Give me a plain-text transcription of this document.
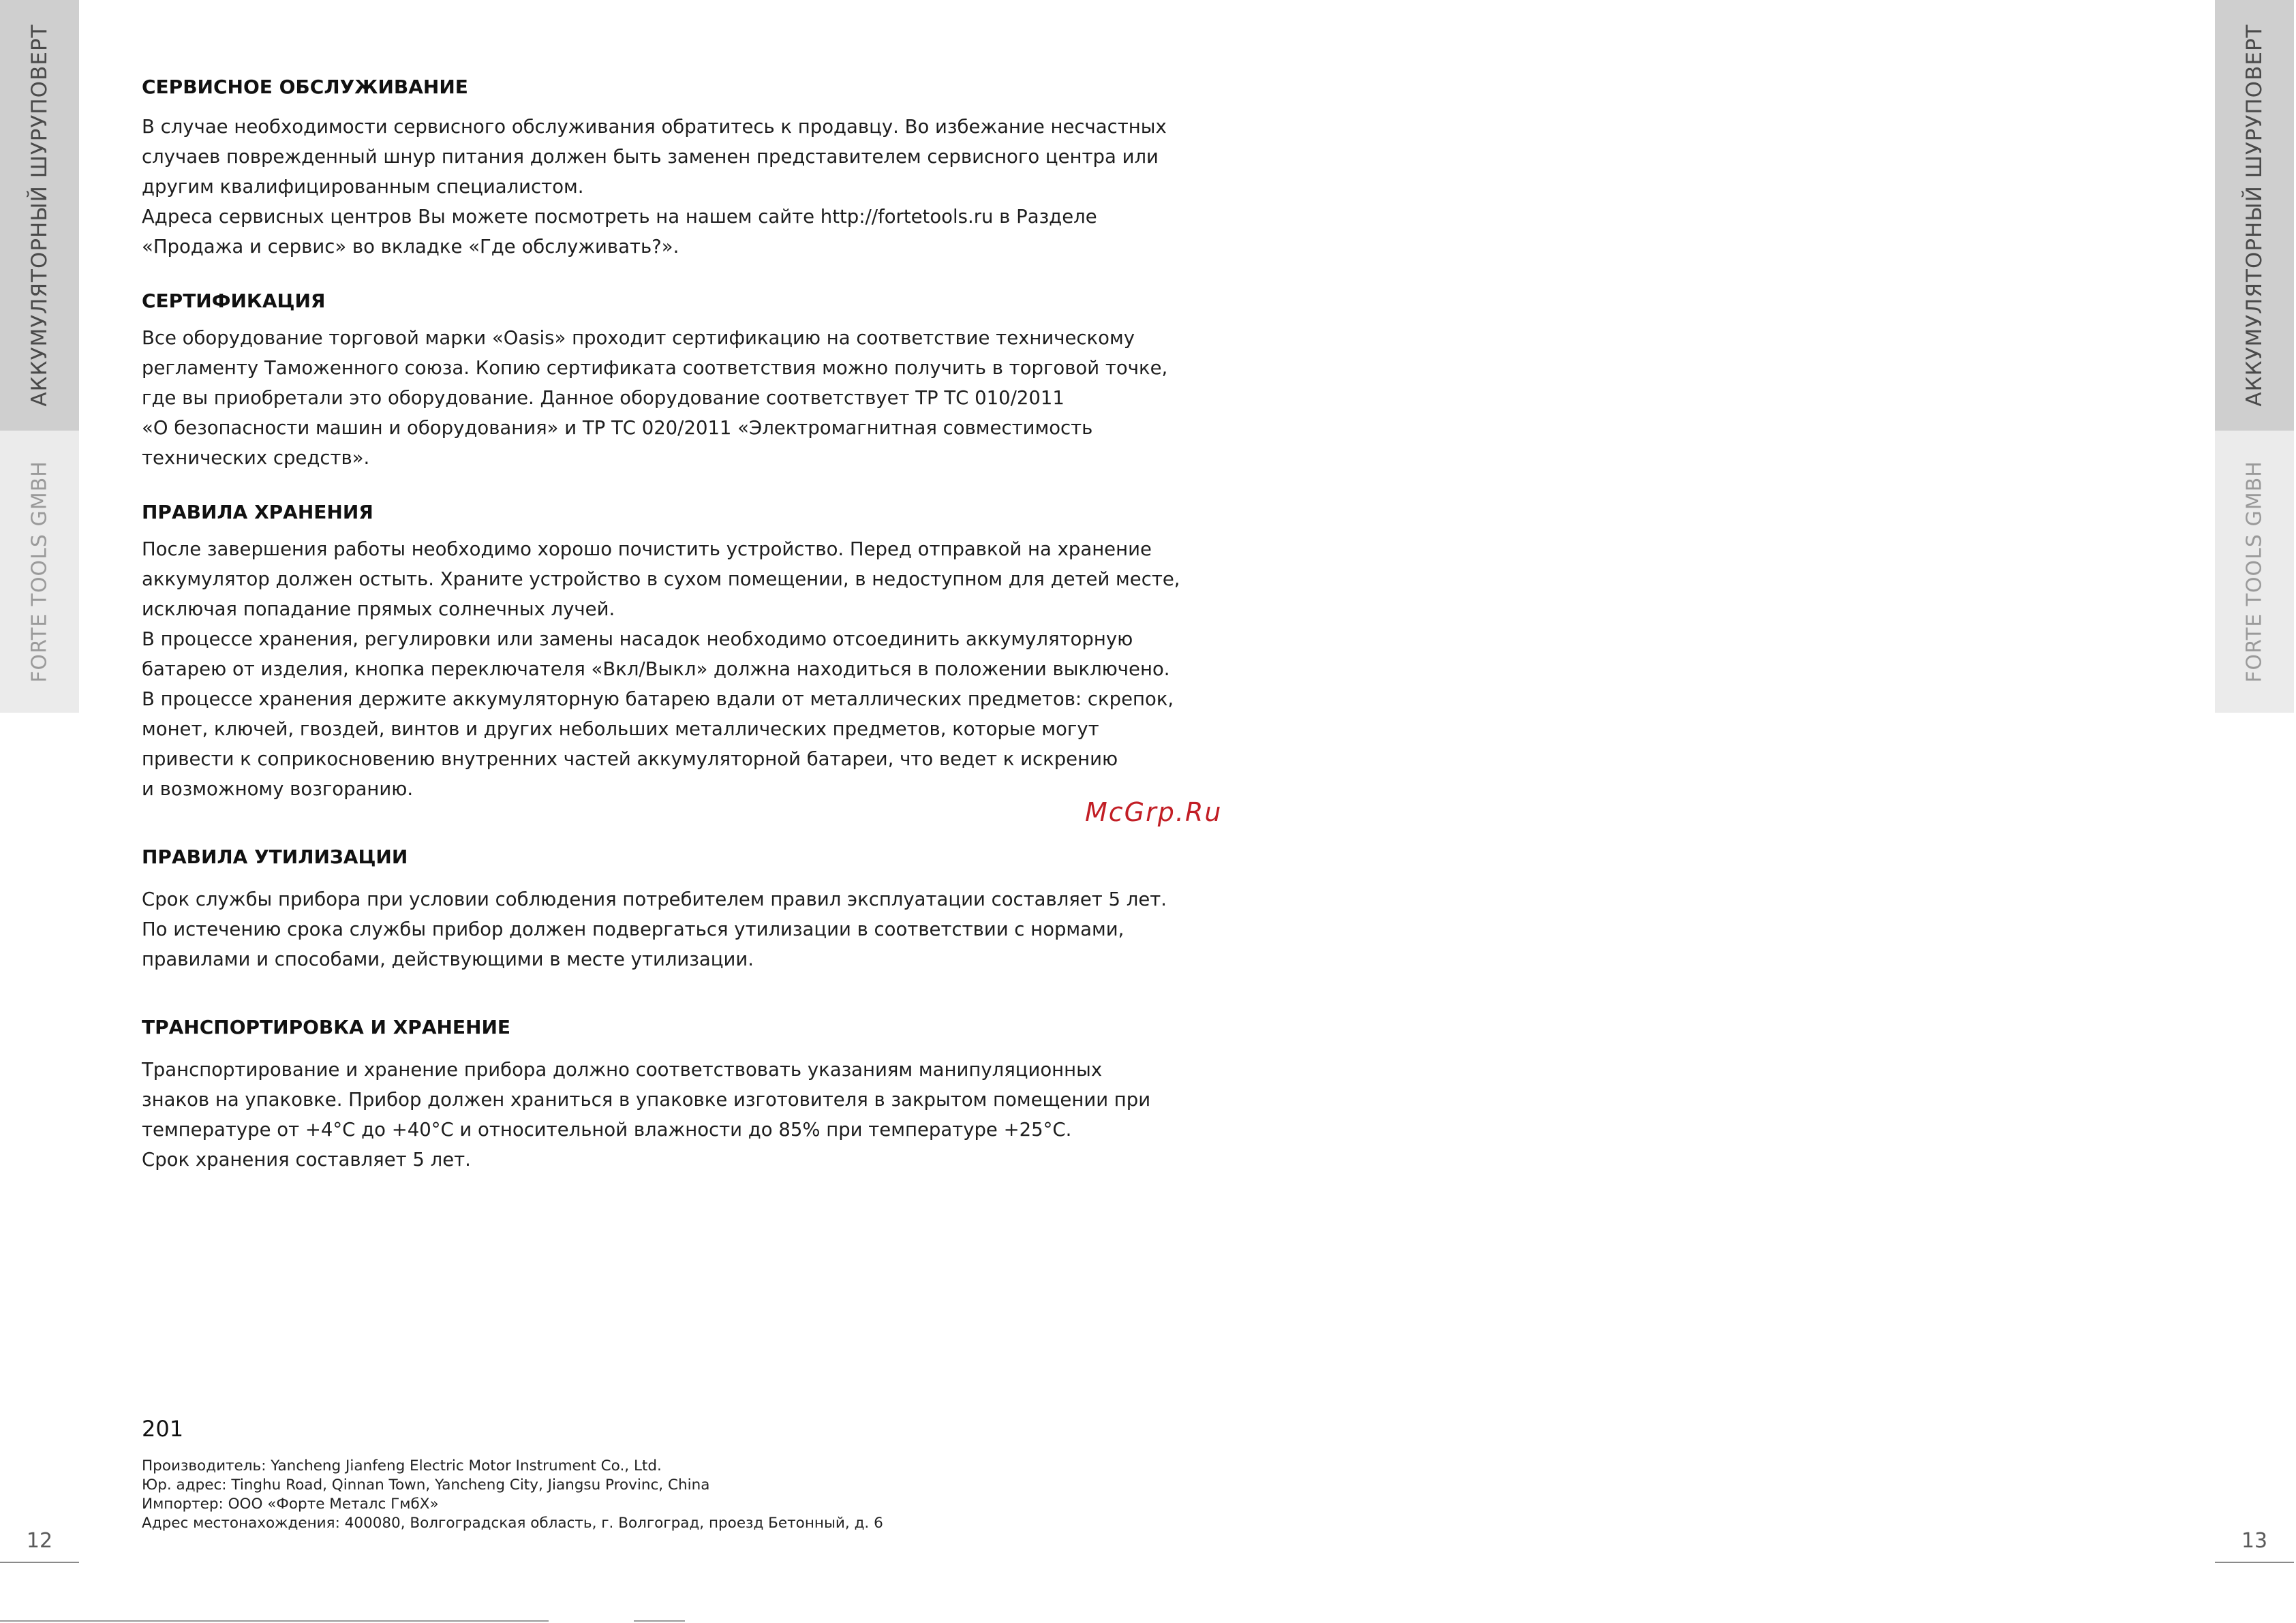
АККУМУЛЯТОРНЫЙ ШУРУПОВЕРТ
FORTE TOOLS GMBH
12
АККУМУЛЯТОРНЫЙ ШУРУПОВЕРТ
FORTE TOOLS GMBH
13
СЕРВИСНОЕ ОБСЛУЖИВАНИЕ

В случае необходимости сервисного обслуживания обратитесь к продавцу. Во избежание несчастных

случаев поврежденный шнур питания должен быть заменен представителем сервисного центра или

другим квалифицированным специалистом.

Адреса сервисных центров Вы можете посмотреть на нашем сайте http://fortetools.ru в Разделе

«Продажа и сервис» во вкладке «Где обслуживать?».

СЕРТИФИКАЦИЯ

Все оборудование торговой марки «Oasis» проходит сертификацию на соответствие техническому

регламенту Таможенного союза. Копию сертификата соответствия можно получить в торговой точке,

где вы приобретали это оборудование. Данное оборудование соответствует ТР ТС 010/2011

«О безопасности машин и оборудования» и ТР ТС 020/2011 «Электромагнитная совместимость

технических средств».

ПРАВИЛА ХРАНЕНИЯ

После завершения работы необходимо хорошо почистить устройство. Перед отправкой на хранение

аккумулятор должен остыть. Храните устройство в сухом помещении, в недоступном для детей месте,

исключая попадание прямых солнечных лучей.

В процессе хранения, регулировки или замены насадок необходимо отсоединить аккумуляторную

батарею от изделия, кнопка переключателя «Вкл/Выкл» должна находиться в положении выключено.

В процессе хранения держите аккумуляторную батарею вдали от металлических предметов: скрепок,

монет, ключей, гвоздей, винтов и других небольших металлических предметов, которые могут

привести к соприкосновению внутренних частей аккумуляторной батареи, что ведет к искрению

и возможному возгоранию.

ПРАВИЛА УТИЛИЗАЦИИ

Срок службы прибора при условии соблюдения потребителем правил эксплуатации составляет 5 лет.

По истечению срока службы прибор должен подвергаться утилизации в соответствии с нормами,

правилами и способами, действующими в месте утилизации.

ТРАНСПОРТИРОВКА И ХРАНЕНИЕ

Транспортирование и хранение прибора должно соответствовать указаниям манипуляционных

знаков на упаковке. Прибор должен храниться в упаковке изготовителя в закрытом помещении при

температуре от +4°С до +40°С и относительной влажности до 85% при температуре +25°С.

Срок хранения составляет 5 лет.

McGrp.Ru
201
Производитель: Yancheng Jianfeng Electric Motor Instrument Co., Ltd.
Юр. адрес: Tinghu Road, Qinnan Town, Yancheng City, Jiangsu Provinc, China
Импортер: ООО «Форте Металс ГмбХ»
Адрес местонахождения: 400080, Волгоградская область, г. Волгоград, проезд Бетонный, д. 6
